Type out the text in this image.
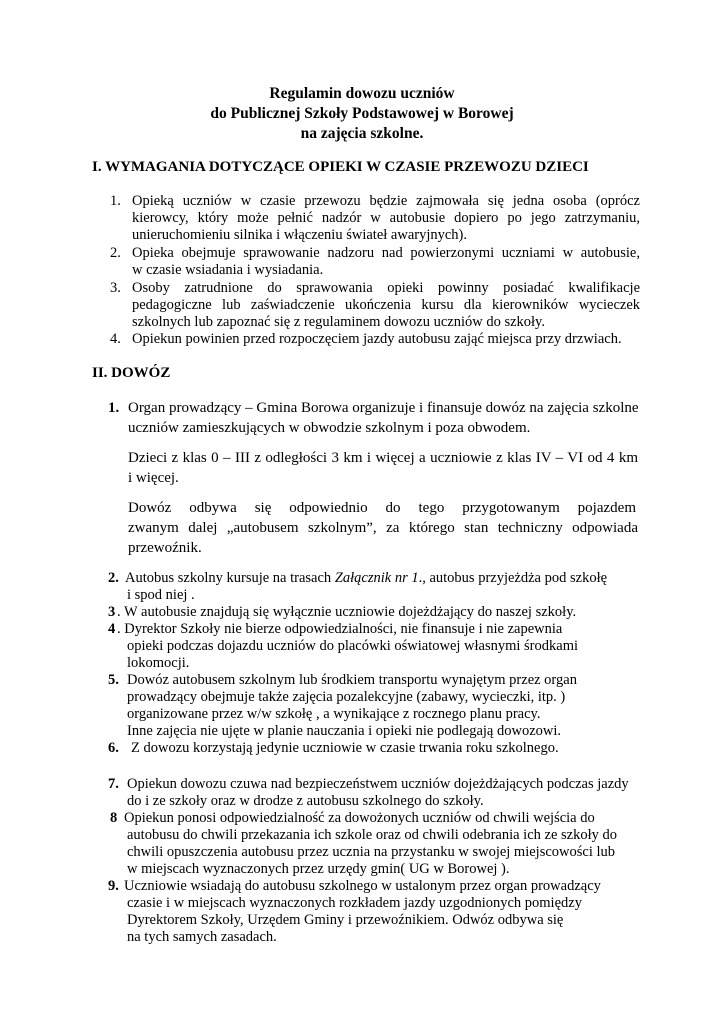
Regulamin dowozu uczniów
do Publicznej Szkoły Podstawowej w Borowej
na zajęcia szkolne.
I. WYMAGANIA DOTYCZĄCE OPIEKI W CZASIE PRZEWOZU DZIECI
1. Opieką uczniów w czasie przewozu będzie zajmowała się jedna osoba (oprócz
kierowcy, który może pełnić nadzór w autobusie dopiero po jego zatrzymaniu,
unieruchomieniu silnika i włączeniu świateł awaryjnych).
2. Opieka obejmuje sprawowanie nadzoru nad powierzonymi uczniami w autobusie,
w czasie wsiadania i wysiadania.
3. Osoby zatrudnione do sprawowania opieki powinny posiadać kwalifikacje
pedagogiczne lub zaświadczenie ukończenia kursu dla kierowników wycieczek
szkolnych lub zapoznać się z regulaminem dowozu uczniów do szkoły.
4. Opiekun powinien przed rozpoczęciem jazdy autobusu zająć miejsca przy drzwiach.
II. DOWÓZ
1. Organ prowadzący – Gmina Borowa organizuje i finansuje dowóz na zajęcia szkolne
uczniów zamieszkujących w obwodzie szkolnym i poza obwodem.
Dzieci z klas 0 – III z odległości 3 km i więcej a uczniowie z klas IV – VI od 4 km
i więcej.
Dowóz odbywa się odpowiednio do tego przygotowanym pojazdem
zwanym dalej „autobusem szkolnym”, za którego stan techniczny odpowiada
przewoźnik.
2. Autobus szkolny kursuje na trasach Załącznik nr 1., autobus przyjeżdża pod szkołę
i spod niej .
3 . W autobusie znajdują się wyłącznie uczniowie dojeżdżający do naszej szkoły.
4 . Dyrektor Szkoły nie bierze odpowiedzialności, nie finansuje i nie zapewnia
opieki podczas dojazdu uczniów do placówki oświatowej własnymi środkami
lokomocji.
5. Dowóz autobusem szkolnym lub środkiem transportu wynajętym przez organ
prowadzący obejmuje także zajęcia pozalekcyjne (zabawy, wycieczki, itp. )
organizowane przez w/w szkołę , a wynikające z rocznego planu pracy.
Inne zajęcia nie ujęte w planie nauczania i opieki nie podlegają dowozowi.
6. Z dowozu korzystają jedynie uczniowie w czasie trwania roku szkolnego.
7. Opiekun dowozu czuwa nad bezpieczeństwem uczniów dojeżdżających podczas jazdy
do i ze szkoły oraz w drodze z autobusu szkolnego do szkoły.
8 Opiekun ponosi odpowiedzialność za dowożonych uczniów od chwili wejścia do
autobusu do chwili przekazania ich szkole oraz od chwili odebrania ich ze szkoły do
chwili opuszczenia autobusu przez ucznia na przystanku w swojej miejscowości lub
w miejscach wyznaczonych przez urzędy gmin( UG w Borowej ).
9. Uczniowie wsiadają do autobusu szkolnego w ustalonym przez organ prowadzący
czasie i w miejscach wyznaczonych rozkładem jazdy uzgodnionych pomiędzy
Dyrektorem Szkoły, Urzędem Gminy i przewoźnikiem. Odwóz odbywa się
na tych samych zasadach.
